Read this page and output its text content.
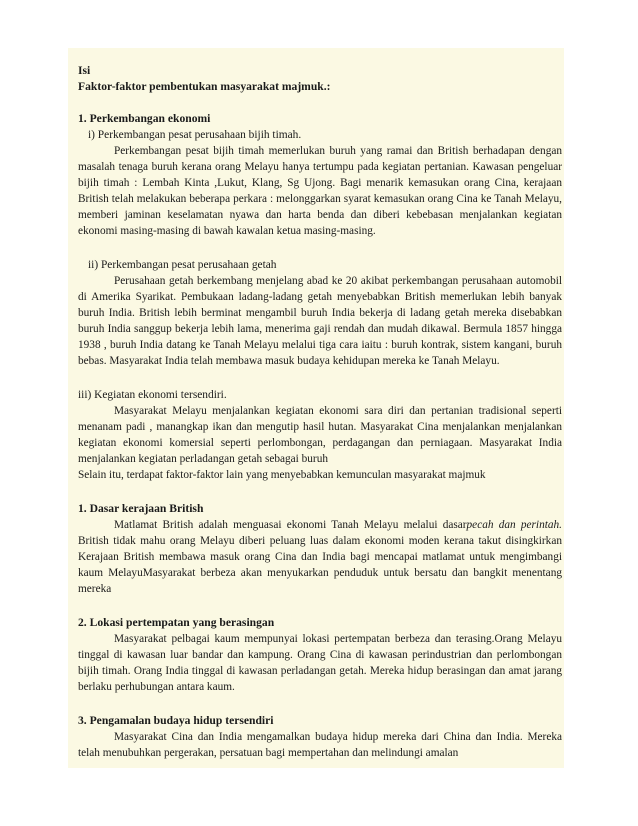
Isi

Faktor-faktor pembentukan masyarakat majmuk.:

1. Perkembangan ekonomi

i) Perkembangan pesat perusahaan bijih timah.

Perkembangan pesat bijih timah memerlukan buruh yang ramai dan British berhadapan dengan masalah tenaga buruh kerana orang Melayu hanya tertumpu pada kegiatan pertanian. Kawasan pengeluar bijih timah : Lembah Kinta ,Lukut, Klang, Sg Ujong. Bagi menarik kemasukan orang Cina, kerajaan British telah melakukan beberapa perkara : melonggarkan syarat kemasukan orang Cina ke Tanah Melayu, memberi jaminan keselamatan nyawa dan harta benda dan diberi kebebasan menjalankan kegiatan ekonomi masing-masing di bawah kawalan ketua masing-masing.

ii) Perkembangan pesat perusahaan getah

Perusahaan getah berkembang menjelang abad ke 20 akibat perkembangan perusahaan automobil di Amerika Syarikat. Pembukaan ladang-ladang getah menyebabkan British memerlukan lebih banyak buruh India. British lebih berminat mengambil buruh India bekerja di ladang getah mereka disebabkan buruh India sanggup bekerja lebih lama, menerima gaji rendah dan mudah dikawal. Bermula 1857 hingga 1938 , buruh India datang ke Tanah Melayu melalui tiga cara iaitu : buruh kontrak, sistem kangani, buruh bebas. Masyarakat India telah membawa masuk budaya kehidupan mereka ke Tanah Melayu.

iii) Kegiatan ekonomi tersendiri.

Masyarakat Melayu menjalankan kegiatan ekonomi sara diri dan pertanian tradisional seperti menanam padi , manangkap ikan dan mengutip hasil hutan. Masyarakat Cina menjalankan menjalankan kegiatan ekonomi komersial seperti perlombongan, perdagangan dan perniagaan. Masyarakat India menjalankan kegiatan perladangan getah sebagai buruh

Selain itu, terdapat faktor-faktor lain yang menyebabkan kemunculan masyarakat majmuk

1. Dasar kerajaan British

Matlamat British adalah menguasai ekonomi Tanah Melayu melalui dasarpecah dan perintah. British tidak mahu orang Melayu diberi peluang luas dalam ekonomi moden kerana takut disingkirkan Kerajaan British membawa masuk orang Cina dan India bagi mencapai matlamat untuk mengimbangi kaum MelayuMasyarakat berbeza akan menyukarkan penduduk untuk bersatu dan bangkit menentang mereka

2. Lokasi pertempatan yang berasingan

Masyarakat pelbagai kaum mempunyai lokasi pertempatan berbeza dan terasing.Orang Melayu tinggal di kawasan luar bandar dan kampung. Orang Cina di kawasan perindustrian dan perlombongan bijih timah. Orang India tinggal di kawasan perladangan getah. Mereka hidup berasingan dan amat jarang berlaku perhubungan antara kaum.

3. Pengamalan budaya hidup tersendiri

Masyarakat Cina dan India mengamalkan budaya hidup mereka dari China dan India. Mereka telah menubuhkan pergerakan, persatuan bagi mempertahan dan melindungi amalan
